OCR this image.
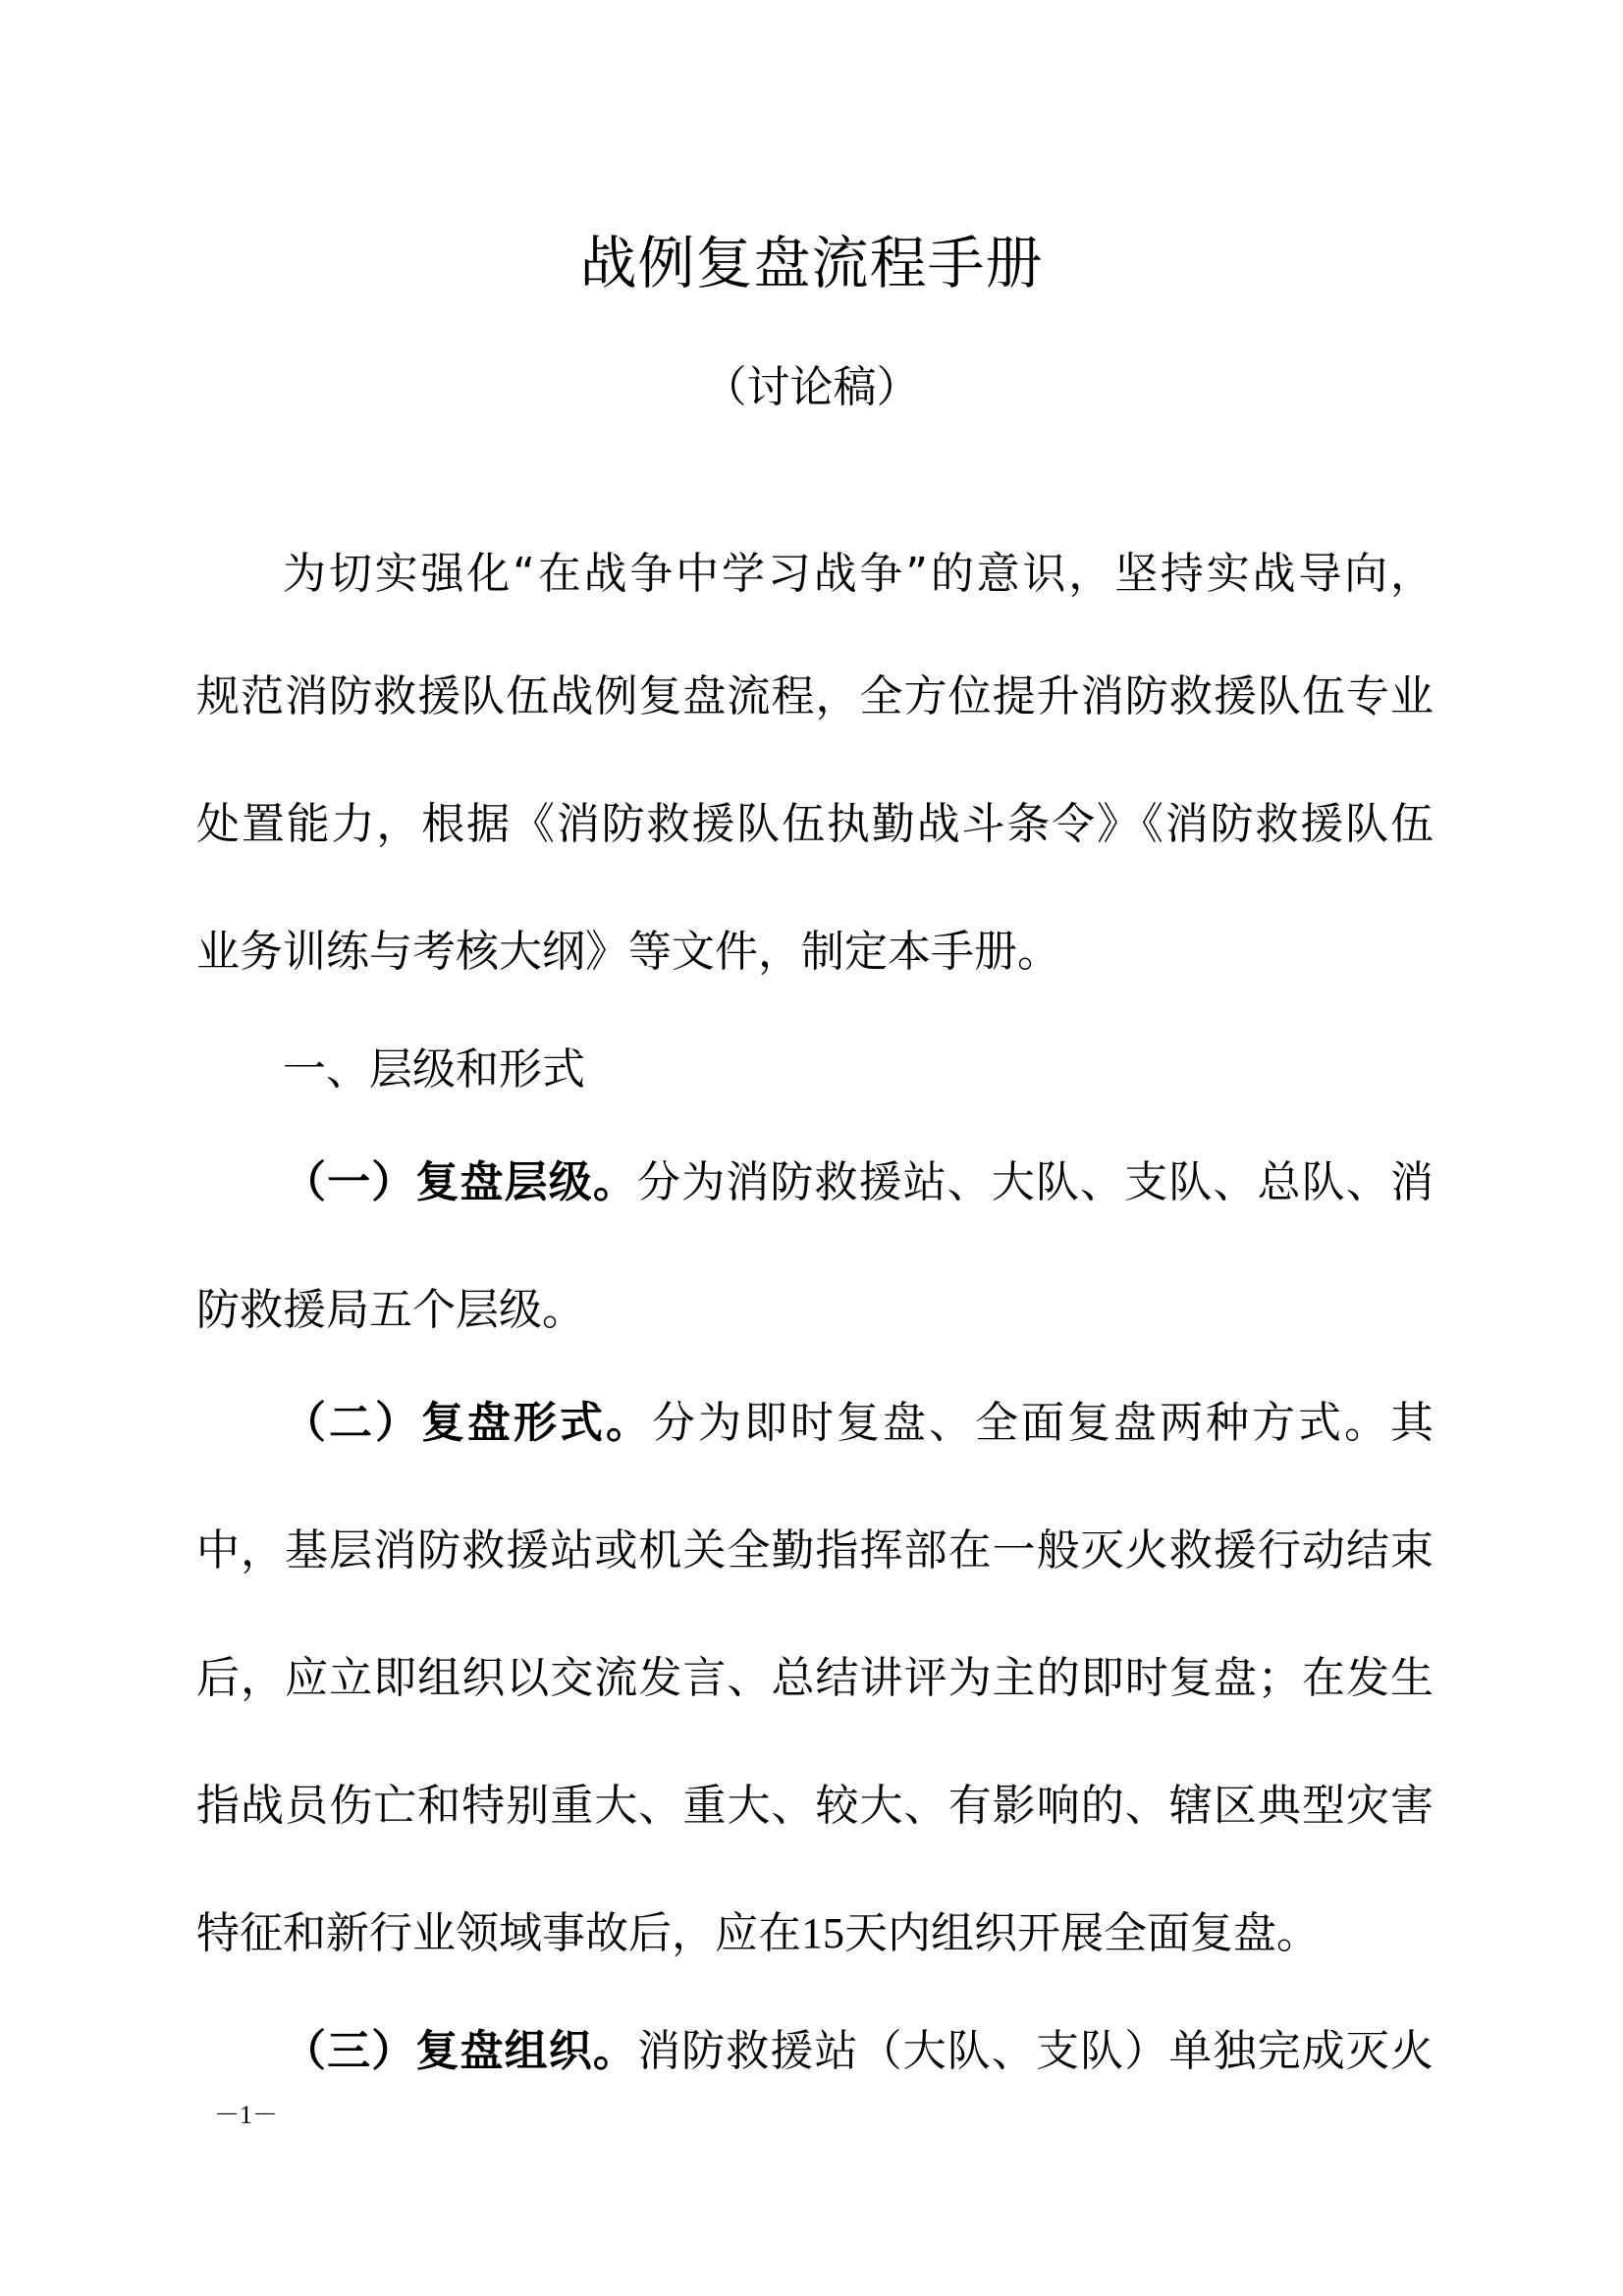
战例复盘流程手册
（讨论稿）
为切实强化“在战争中学习战争”的意识，坚持实战导向，
规范消防救援队伍战例复盘流程，全方位提升消防救援队伍专业
处置能力，根据《消防救援队伍执勤战斗条令》《消防救援队伍
业务训练与考核大纲》等文件，制定本手册。
一、层级和形式
（一）复盘层级。分为消防救援站、大队、支队、总队、消
防救援局五个层级。
（二）复盘形式。分为即时复盘、全面复盘两种方式。其
中，基层消防救援站或机关全勤指挥部在一般灭火救援行动结束
后，应立即组织以交流发言、总结讲评为主的即时复盘；在发生
指战员伤亡和特别重大、重大、较大、有影响的、辖区典型灾害
特征和新行业领域事故后，应在15天内组织开展全面复盘。
（三）复盘组织。消防救援站（大队、支队）单独完成灭火
－1－
